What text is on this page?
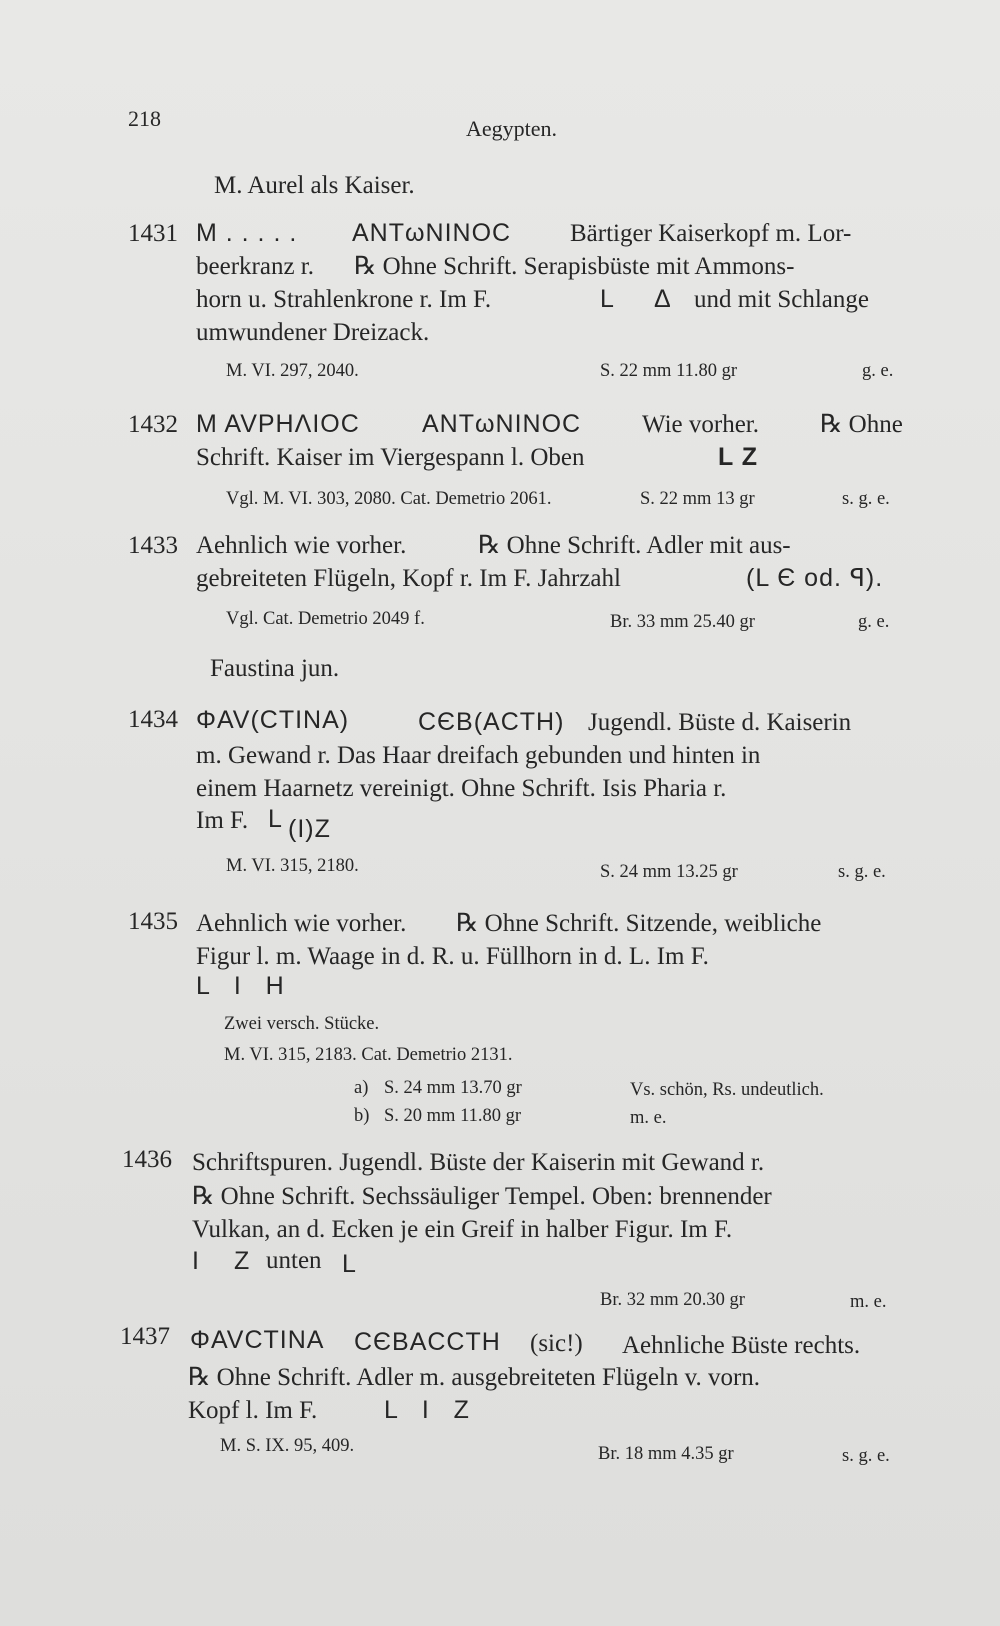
218	Aegypten.
M. Aurel als Kaiser.
1431 M . . . . . ANTωNINOC Bärtiger Kaiserkopf m. Lor-
beerkranz r. ℞ Ohne Schrift. Serapisbüste mit Ammons-
horn u. Strahlenkrone r. Im F.	L Δ und mit Schlange
umwundener Dreizack.
M. VI. 297, 2040.	S. 22 mm 11.80 gr	g. e.
1432 M AVPHΛΙΟC ANTωNINOC Wie vorher. ℞ Ohne
Schrift. Kaiser im Viergespann l. Oben	L Z
Vgl. M. VI. 303, 2080. Cat. Demetrio 2061.	S. 22 mm 13 gr	s. g. e.
1433 Aehnlich wie vorher.	℞ Ohne Schrift. Adler mit aus-
gebreiteten Flügeln, Kopf r. Im F. Jahrzahl	(L Є od. ꟼ).
Vgl. Cat. Demetrio 2049 f.	Br. 33 mm 25.40 gr	g. e.
Faustina jun.
1434 ΦAV(CTINA)	CЄB(ACTH) Jugendl. Büste d. Kaiserin
m. Gewand r. Das Haar dreifach gebunden und hinten in
einem Haarnetz vereinigt. Ohne Schrift. Isis Pharia r.
Im F. L (I)Z
M. VI. 315, 2180.	S. 24 mm 13.25 gr	s. g. e.
1435 Aehnlich wie vorher. ℞ Ohne Schrift. Sitzende, weibliche
Figur l. m. Waage in d. R. u. Füllhorn in d. L. Im F.
L   I   H
Zwei versch. Stücke.
M. VI. 315, 2183. Cat. Demetrio 2131.
a) S. 24 mm 13.70 gr	Vs. schön, Rs. undeutlich.
b) S. 20 mm 11.80 gr	m. e.
1436 Schriftspuren. Jugendl. Büste der Kaiserin mit Gewand r.
℞ Ohne Schrift. Sechssäuliger Tempel. Oben: brennender
Vulkan, an d. Ecken je ein Greif in halber Figur. Im F.
I Z unten L
Br. 32 mm 20.30 gr	m. e.
1437 ΦAVCTINA CЄBACCTH (sic!) Aehnliche Büste rechts.
℞ Ohne Schrift. Adler m. ausgebreiteten Flügeln v. vorn.
Kopf l. Im F.	L   I   Z
M. S. IX. 95, 409.	Br. 18 mm 4.35 gr	s. g. e.
